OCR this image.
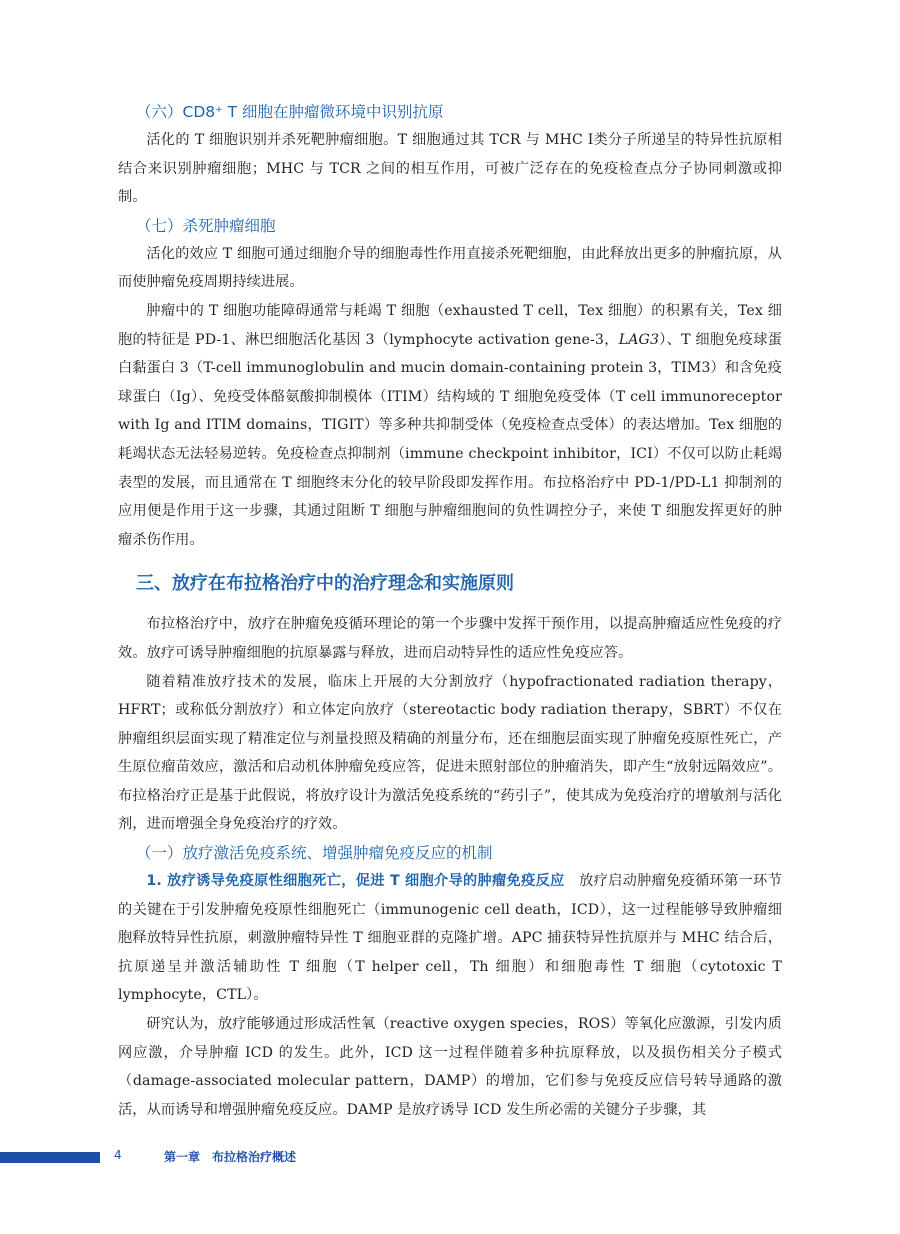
（六）CD8+ T 细胞在肿瘤微环境中识别抗原

活化的 T 细胞识别并杀死靶肿瘤细胞。T 细胞通过其 TCR 与 MHC Ⅰ类分子所递呈的特异性抗原相结合来识别肿瘤细胞；MHC 与 TCR 之间的相互作用，可被广泛存在的免疫检查点分子协同刺激或抑制。

（七）杀死肿瘤细胞

活化的效应 T 细胞可通过细胞介导的细胞毒性作用直接杀死靶细胞，由此释放出更多的肿瘤抗原，从而使肿瘤免疫周期持续进展。

肿瘤中的 T 细胞功能障碍通常与耗竭 T 细胞（exhausted T cell，Tex 细胞）的积累有关，Tex 细胞的特征是 PD-1、淋巴细胞活化基因 3（lymphocyte activation gene-3，LAG3）、T 细胞免疫球蛋白黏蛋白 3（T-cell immunoglobulin and mucin domain-containing protein 3，TIM3）和含免疫球蛋白（Ig）、免疫受体酪氨酸抑制模体（ITIM）结构域的 T 细胞免疫受体（T cell immunoreceptor with Ig and ITIM domains，TIGIT）等多种共抑制受体（免疫检查点受体）的表达增加。Tex 细胞的耗竭状态无法轻易逆转。免疫检查点抑制剂（immune checkpoint inhibitor，ICI）不仅可以防止耗竭表型的发展，而且通常在 T 细胞终末分化的较早阶段即发挥作用。布拉格治疗中 PD-1/PD-L1 抑制剂的应用便是作用于这一步骤，其通过阻断 T 细胞与肿瘤细胞间的负性调控分子，来使 T 细胞发挥更好的肿瘤杀伤作用。

三、放疗在布拉格治疗中的治疗理念和实施原则

布拉格治疗中，放疗在肿瘤免疫循环理论的第一个步骤中发挥干预作用，以提高肿瘤适应性免疫的疗效。放疗可诱导肿瘤细胞的抗原暴露与释放，进而启动特异性的适应性免疫应答。

随着精准放疗技术的发展，临床上开展的大分割放疗（hypofractionated radiation therapy，HFRT；或称低分割放疗）和立体定向放疗（stereotactic body radiation therapy，SBRT）不仅在肿瘤组织层面实现了精准定位与剂量投照及精确的剂量分布，还在细胞层面实现了肿瘤免疫原性死亡，产生原位瘤苗效应，激活和启动机体肿瘤免疫应答，促进未照射部位的肿瘤消失，即产生“放射远隔效应”。布拉格治疗正是基于此假说，将放疗设计为激活免疫系统的“药引子”，使其成为免疫治疗的增敏剂与活化剂，进而增强全身免疫治疗的疗效。

（一）放疗激活免疫系统、增强肿瘤免疫反应的机制

1. 放疗诱导免疫原性细胞死亡，促进 T 细胞介导的肿瘤免疫反应　放疗启动肿瘤免疫循环第一环节的关键在于引发肿瘤免疫原性细胞死亡（immunogenic cell death，ICD），这一过程能够导致肿瘤细胞释放特异性抗原，刺激肿瘤特异性 T 细胞亚群的克隆扩增。APC 捕获特异性抗原并与 MHC 结合后，抗原递呈并激活辅助性 T 细胞（T helper cell，Th 细胞）和细胞毒性 T 细胞（cytotoxic T lymphocyte，CTL）。

研究认为，放疗能够通过形成活性氧（reactive oxygen species，ROS）等氧化应激源，引发内质网应激，介导肿瘤 ICD 的发生。此外，ICD 这一过程伴随着多种抗原释放，以及损伤相关分子模式（damage-associated molecular pattern，DAMP）的增加，它们参与免疫反应信号转导通路的激活，从而诱导和增强肿瘤免疫反应。DAMP 是放疗诱导 ICD 发生所必需的关键分子步骤，其

4	第一章　布拉格治疗概述
